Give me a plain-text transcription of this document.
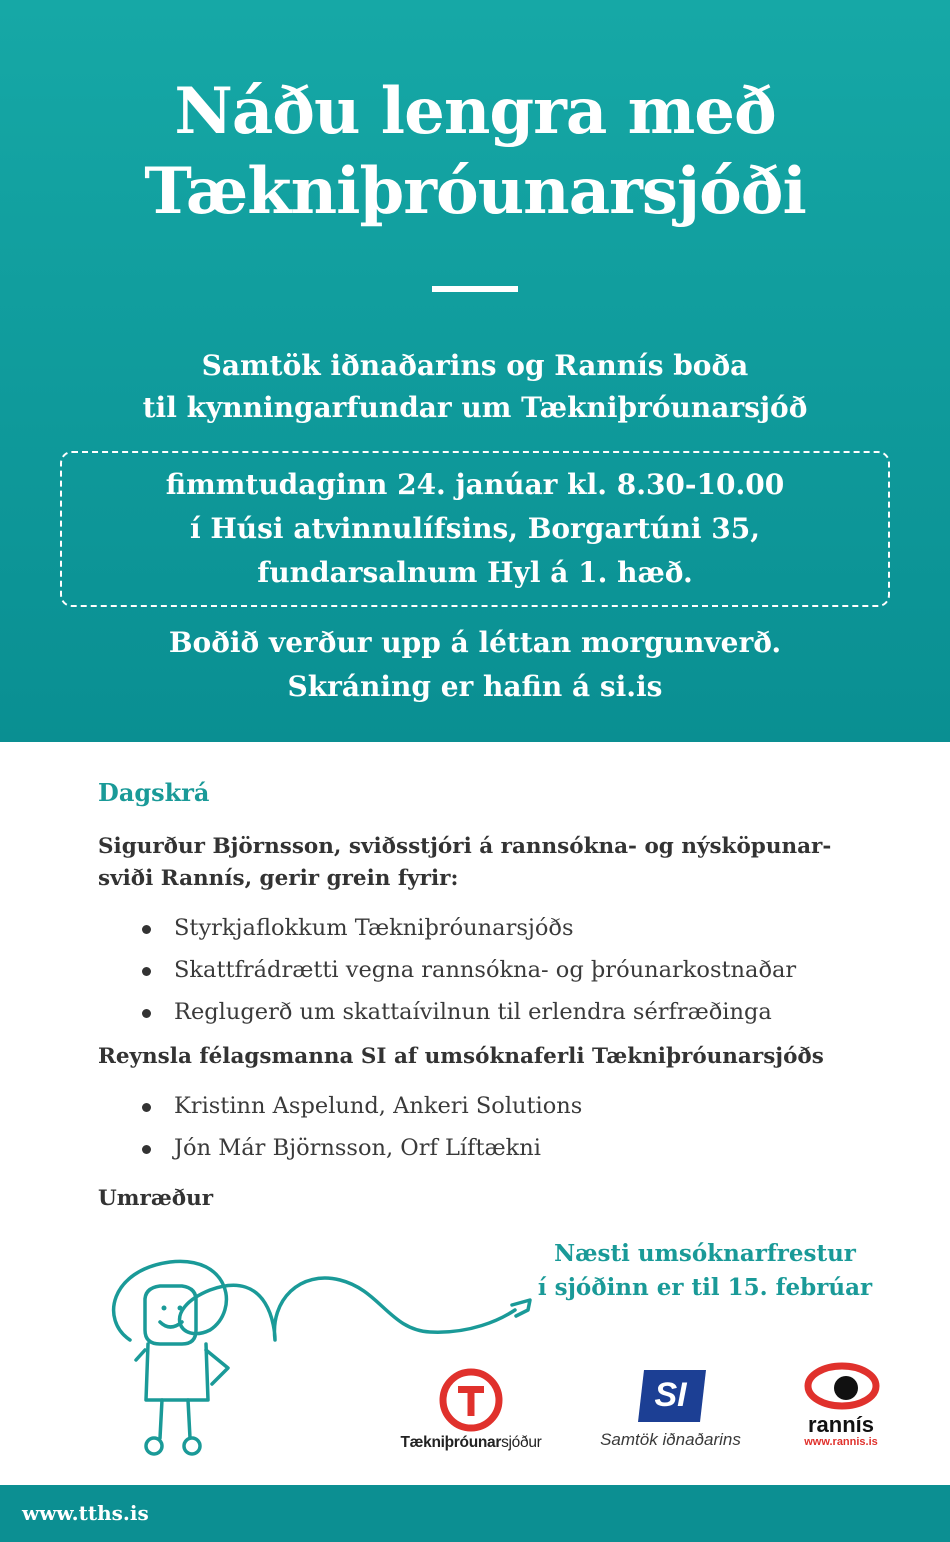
Náðu lengra með
Tækniþróunarsjóði
Samtök iðnaðarins og Rannís boða
til kynningarfundar um Tækniþróunarsjóð
fimmtudaginn 24. janúar kl. 8.30-10.00
í Húsi atvinnulífsins, Borgartúni 35,
fundarsalnum Hyl á 1. hæð.
Boðið verður upp á léttan morgunverð.
Skráning er hafin á si.is
Dagskrá
Sigurður Björnsson, sviðsstjóri á rannsókna- og nýsköpunar-
sviði Rannís, gerir grein fyrir:
Styrkjaflokkum Tækniþróunarsjóðs
Skattfrádrætti vegna rannsókna- og þróunarkostnaðar
Reglugerð um skattaívilnun til erlendra sérfræðinga
Reynsla félagsmanna SI af umsóknaferli Tækniþróunarsjóðs
Kristinn Aspelund, Ankeri Solutions
Jón Már Björnsson, Orf Líftækni
Umræður
Næsti umsóknarfrestur
í sjóðinn er til 15. febrúar
Tækniþróunarsjóður
SI
Samtök iðnaðarins
rannís
www.rannis.is
www.tths.is
